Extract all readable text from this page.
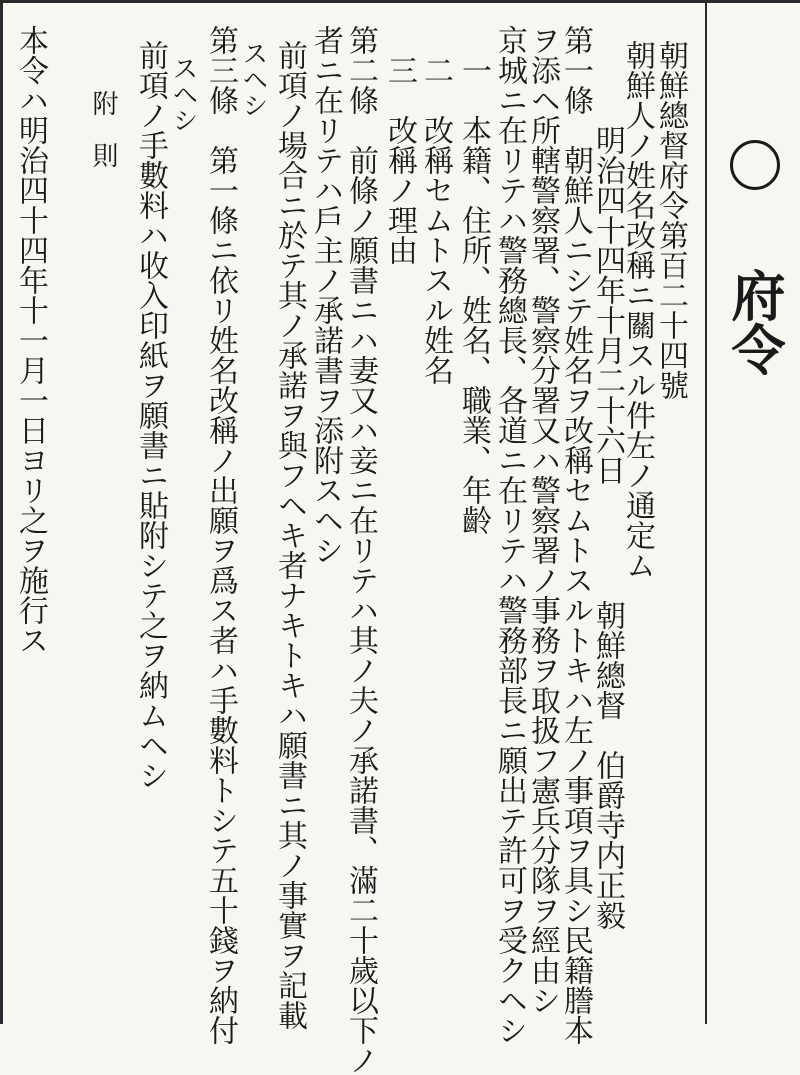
府令
朝鮮總督府令第百二十四號
朝鮮人ノ姓名改稱ニ關スル件左ノ通定ム
明治四十四年十月二十六日
朝鮮總督　伯爵寺内正毅
第一條　朝鮮人ニシテ姓名ヲ改稱セムトスルトキハ左ノ事項ヲ具シ民籍謄本
ヲ添ヘ所轄警察署、警察分署又ハ警察署ノ事務ヲ取扱フ憲兵分隊ヲ經由シ
京城ニ在リテハ警務總長、各道ニ在リテハ警務部長ニ願出テ許可ヲ受クヘシ
一　本籍、住所、姓名、職業、年齡
二　改稱セムトスル姓名
三　改稱ノ理由
第二條　前條ノ願書ニハ妻又ハ妾ニ在リテハ其ノ夫ノ承諾書、滿二十歲以下ノ
者ニ在リテハ戶主ノ承諾書ヲ添附スヘシ
前項ノ場合ニ於テ其ノ承諾ヲ與フヘキ者ナキトキハ願書ニ其ノ事實ヲ記載
スヘシ
第三條　第一條ニ依リ姓名改稱ノ出願ヲ爲ス者ハ手數料トシテ五十錢ヲ納付
スヘシ
前項ノ手數料ハ收入印紙ヲ願書ニ貼附シテ之ヲ納ムヘシ
附　則
本令ハ明治四十四年十一月一日ヨリ之ヲ施行ス
